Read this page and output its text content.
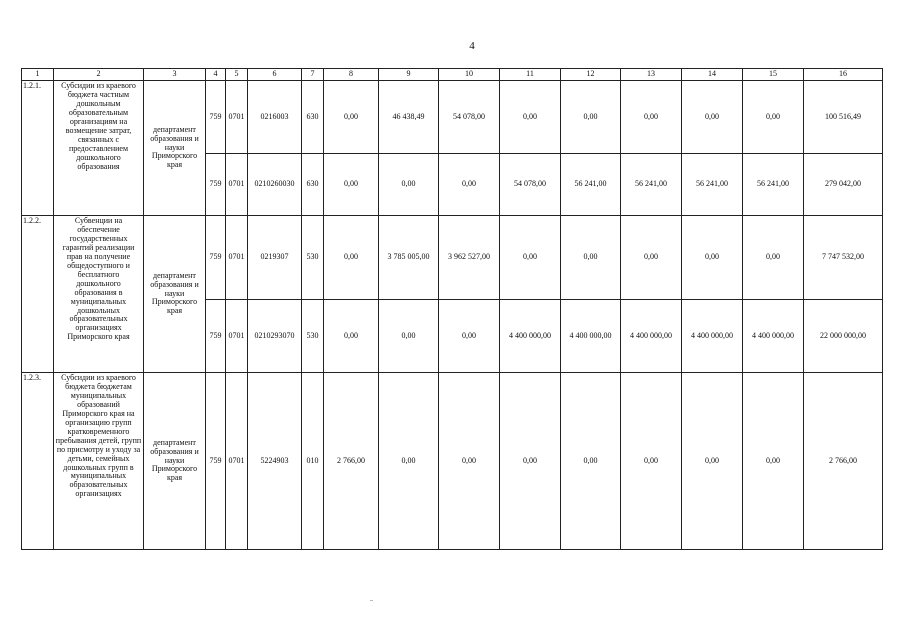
4
1	2	3	4	5	6	7	8	9	10	11	12	13	14	15	16
1.2.1.	Субсидии из краевого бюджета частным дошкольным образовательным организациям на возмещение затрат, связанных с предоставлением дошкольного образования	департамент образования и науки Приморского края	759	0701	0216003	630	0,00	46 438,49	54 078,00	0,00	0,00	0,00	0,00	0,00	100 516,49
			759	0701	0210260030	630	0,00	0,00	0,00	54 078,00	56 241,00	56 241,00	56 241,00	56 241,00	279 042,00
1.2.2.	Субвенции на обеспечение государственных гарантий реализации прав на получение общедоступного и бесплатного дошкольного образования в муниципальных дошкольных образовательных организациях Приморского края	департамент образования и науки Приморского края	759	0701	0219307	530	0,00	3 785 005,00	3 962 527,00	0,00	0,00	0,00	0,00	0,00	7 747 532,00
			759	0701	0210293070	530	0,00	0,00	0,00	4 400 000,00	4 400 000,00	4 400 000,00	4 400 000,00	4 400 000,00	22 000 000,00
1.2.3.	Субсидии из краевого бюджета бюджетам муниципальных образований Приморского края на организацию групп кратковременного пребывания детей, групп по присмотру и уходу за детьми, семейных дошкольных групп в муниципальных образовательных организациях	департамент образования и науки Приморского края	759	0701	5224903	010	2 766,00	0,00	0,00	0,00	0,00	0,00	0,00	0,00	2 766,00
